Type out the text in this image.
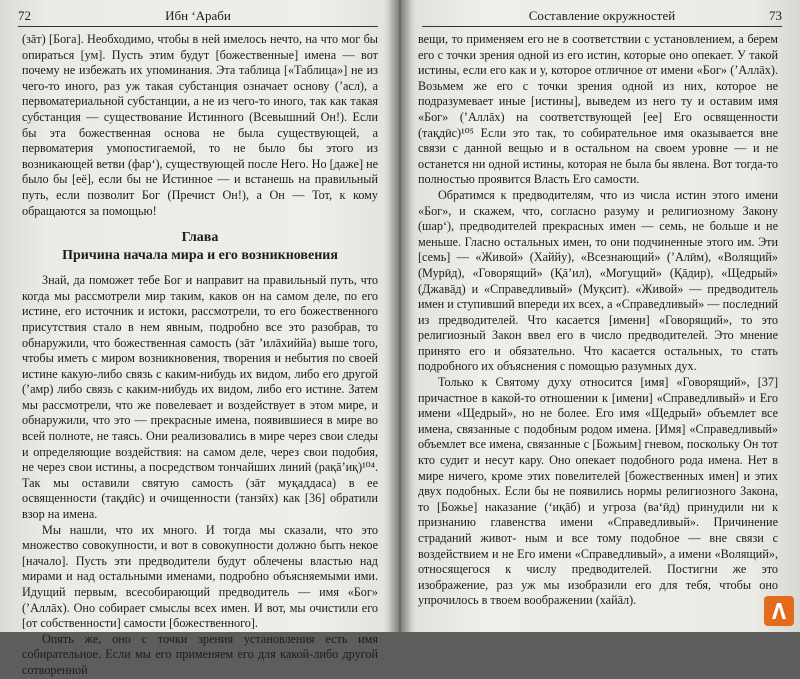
72	Ибн ʻАраби

(зāт) [Бога]. Необходимо, чтобы в ней имелось нечто, на что мог бы опираться [ум]. Пусть этим будут [божественные] имена — вот почему не избежать их упоминания. Эта таблица [«Таблица»] не из чего-то иного, раз уж такая субстанция означает основу (’асл), а первоматериальной субстанции, а не из чего-то иного, так как такая субстанция — существование Истинного (Всевышний Он!). Если бы эта божественная основа не была существующей, а первоматерия умопостигаемой, то не было бы этого из возникающей ветви (фар‘), существующей после Него. Но [даже] не было бы [её], если бы не Истинное — и встанешь на правильный путь, если позволит Бог (Пречист Он!), а Он — Тот, к кому обращаются за помощью!

Глава
Причина начала мира и его возникновения

Знай, да поможет тебе Бог и направит на правильный путь, что когда мы рассмотрели мир таким, каков он на самом деле, по его истине, его источник и истоки, рассмотрели, то его божественного присутствия стало в нем явным, подробно все это разобрав, то обнаружили, что божественная самость (зāт ’илāхиййа) выше того, чтобы иметь с миром возникновения, творения и небытия по своей истине какую-либо связь с каким-нибудь их видом, либо его другой (’амр) либо связь с каким-нибудь их видом, либо его истине. Затем мы рассмотрели, что же повелевает и воздействует в этом мире, и обнаружили, что это — прекрасные имена, появившиеся в мире во всей полноте, не таясь. Они реализовались в мире через свои следы и определяющие воздействия: на самом деле, через свои подобия, не через свои истины, а посредством тончайших линий (рақā’иқ)¹⁰⁴. Так мы оставили святую самость (зāт муқаддаса) в ее освященности (тақдӣс) и очищенности (танзӣх) как [36] обратили взор на имена.

Мы нашли, что их много. И тогда мы сказали, что это множество совокупности, и вот в совокупности должно быть некое [начало]. Пусть эти предводители будут облечены властью над мирами и над остальными именами, подробно объясняемыми ими. Идущий первым, всесобирающий предводитель — имя «Бог» (’Аллāх). Оно собирает смыслы всех имен. И вот, мы очистили его [от собственности] самости [божественного].

Опять же, оно с точки зрения установления есть имя собирательное. Если мы его применяем его для какой-либо другой сотворенной

Составление окружностей	73

вещи, то применяем его не в соответствии с установлением, а берем его с точки зрения одной из его истин, которые оно опекает. У такой истины, если его как и у, которое отличное от имени «Бог» (’Аллāх). Возьмем же его с точки зрения одной из них, которое не подразумевает иные [истины], выведем из него ту и оставим имя «Бог» (’Аллāх) на соответствующей [ее] Его освященности (тақдӣс)¹⁰⁵ Если это так, то собирательное имя оказывается вне связи с данной вещью и в остальном на своем уровне — и не останется ни одной истины, которая не была бы явлена. Вот тогда-то полностью проявится Власть Его самости.

Обратимся к предводителям, что из числа истин этого имени «Бог», и скажем, что, согласно разуму и религиозному Закону (шар‘), предводителей прекрасных имен — семь, не больше и не меньше. Гласно остальных имен, то они подчиненные этого им. Эти [семь] — «Живой» (Хаййу), «Всезнающий» (’Алӣм), «Волящий» (Мурӣд), «Говорящий» (Қā’ил), «Могущий» (Қāдир), «Щедрый» (Джавāд) и «Справедливый» (Муқсит). «Живой» — предводитель имен и ступивший впереди их всех, а «Справедливый» — последний из предводителей. Что касается [имени] «Говорящий», то это религиозный Закон ввел его в число предводителей. Это мнение принято его и обязательно. Что касается остальных, то стать подробного их объяснения с помощью разумных дух.

Только к Святому духу относится [имя] «Говорящий», [37] причастное в какой-то отношении к [имени] «Справедливый» и Его имени «Щедрый», но не более. Его имя «Щедрый» объемлет все имена, связанные с подобным родом имена. [Имя] «Справедливый» объемлет все имена, связанные с [Божьим] гневом, поскольку Он тот кто судит и несут кару. Оно опекает подобного рода имена. Нет в мире ничего, кроме этих повелителей [божественных имен] и этих двух подобных. Если бы не появились нормы религиозного Закона, то [Божье] наказание (‘иқāб) и угроза (ва‘ӣд) принудили ни к признанию главенства имени «Справедливый». Причинение страданий живот- ным и все тому подобное — вне связи с воздействием и не Его имени «Справедливый», а имени «Волящий», относящегося к числу предводителей. Постигни же это изображение, раз уж мы изобразили его для тебя, чтобы оно упрочилось в твоем воображении (хайāл).
